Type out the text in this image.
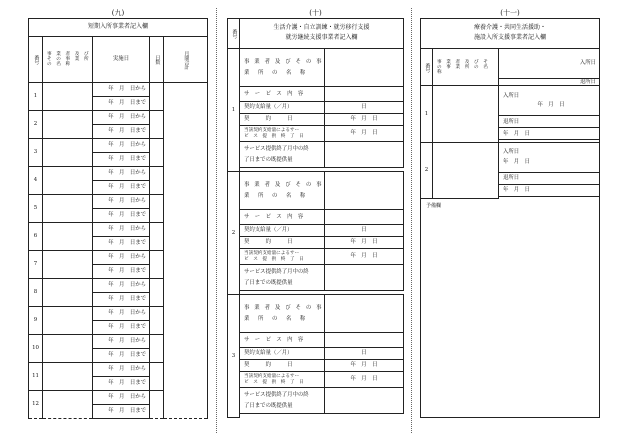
(九)
短期入所事業者記入欄				
番号	事 業 者 及 び そ の 事 業 所 の 名 称	実施日	日数	月間合計
1		年　月　日から		
		年　月　日まで		
2		年　月　日から		
		年　月　日まで		
3		年　月　日から		
		年　月　日まで		
4		年　月　日から		
		年　月　日まで		
5		年　月　日から		
		年　月　日まで		
6		年　月　日から		
		年　月　日まで		
7		年　月　日から		
		年　月　日まで		
8		年　月　日から		
		年　月　日まで		
9		年　月　日から		
		年　月　日まで		
10		年　月　日から		
		年　月　日まで		
11		年　月　日から		
		年　月　日まで		
12		年　月　日から		
		年　月　日まで		
(十)
番号	生活介護・自立訓練・就労移行支援
就労継続支援事業者記入欄	

1	事 業 者 及 び そ の 事
業　所　の　名　称	

	サ　ー　ビ　ス　内　容	
	契約支給量（／月）	日
	契　　　約　　　日	年　月　日

	当該契約支給量によるサー
ビ　ス　提　供　終　了　日	年　月　日

	サービス提供終了月中の終
了日までの既提供量	

2	事 業 者 及 び そ の 事
業　所　の　名　称	

	サ　ー　ビ　ス　内　容	
	契約支給量（／月）	日
	契　　　約　　　日	年　月　日

	当該契約支給量によるサー
ビ　ス　提　供　終　了　日	年　月　日

	サービス提供終了月中の終
了日までの既提供量	

3	事 業 者 及 び そ の 事
業　所　の　名　称	

	サ　ー　ビ　ス　内　容	
	契約支給量（／月）	日
	契　　　約　　　日	年　月　日

	当該契約支給量によるサー
ビ　ス　提　供　終　了　日	年　月　日

	サービス提供終了月中の終
了日までの既提供量	

(十一)
療養介護・共同生活援助・
施設入所支援事業者記入欄		

番号	事 業 者 及 び そ の 事 業 所 の 名 称	入所日
		退所日
1		入所日
年　月　日

		退所日
		年　月　日

2		入所日
年　月　日

		退所日
		年　月　日

予備欄
